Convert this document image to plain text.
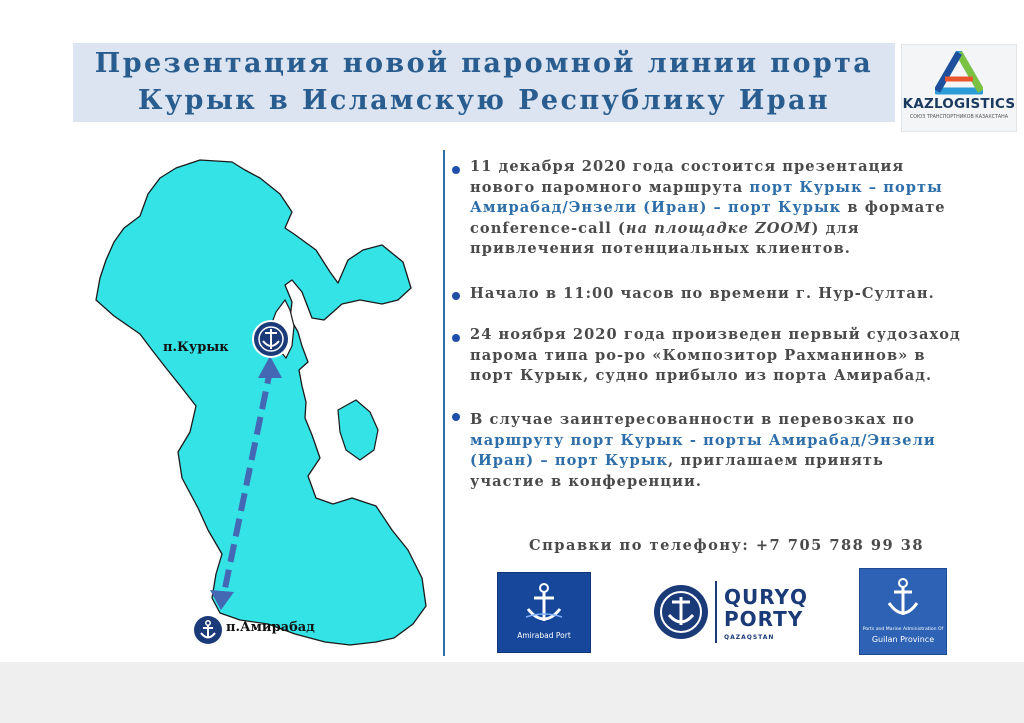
Презентация новой паромной линии порта
Курык в Исламскую Республику Иран	KAZLOGISTICS
СОЮЗ ТРАНСПОРТНИКОВ КАЗАХСТАНА
п.Курык
п.Амирабад
11 декабря 2020 года состоится презентация
нового паромного маршрута порт Курык – порты
Амирабад/Энзели (Иран) – порт Курык в формате
conference-call (на площадке ZOOM) для
привлечения потенциальных клиентов.
Начало в 11:00 часов по времени г. Нур-Султан.
24 ноября 2020 года произведен первый судозаход
парома типа ро-ро «Композитор Рахманинов» в
порт Курык, судно прибыло из порта Амирабад.
В случае заинтересованности в перевозках по
маршруту порт Курык - порты Амирабад/Энзели
(Иран) – порт Курык, приглашаем принять
участие в конференции.
Справки по телефону: +7 705 788 99 38
Amirabad Port
QURYQ
PORTY
QAZAQSTAN
Ports and Marine Administration Of
Guilan Province
